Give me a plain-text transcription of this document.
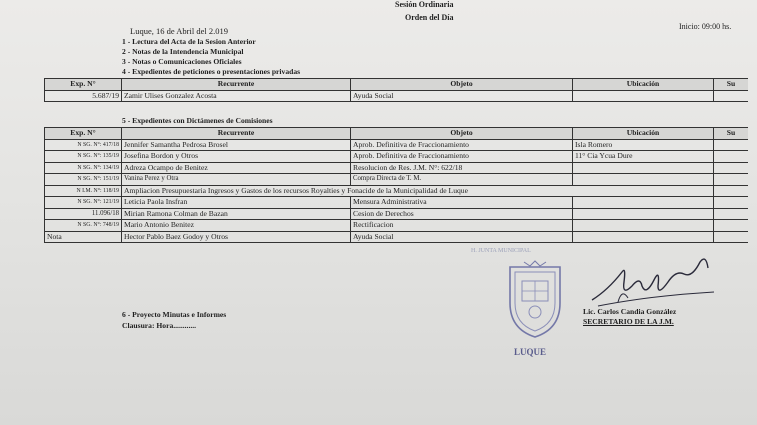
Sesión Ordinaria
Orden del Día
Inicio: 09:00 hs.
Luque, 16 de Abril del 2.019
1 - Lectura del Acta de la Sesion Anterior
2 - Notas de la Intendencia Municipal
3 - Notas o Comunicaciones Oficiales
4 - Expedientes de peticiones o presentaciones privadas
Exp. N°	Recurrente	Objeto	Ubicación	Su
5.687/19	Zamir Ulises Gonzalez Acosta	Ayuda Social		
5 - Expedientes con Dictámenes de Comisiones
Exp. N°	Recurrente	Objeto	Ubicación	Su
N SG. N°: 417/18	Jennifer Samantha Pedrosa Brosel	Aprob. Definitiva de Fraccionamiento	Isla Romero	
N SG. N°: 135/19	Josefina Bordon y Otros	Aprob. Definitiva de Fraccionamiento	11° Cia Ycua Dure	
N SG. N°: 134/19	Adreza Ocampo de Benitez	Resolucion de Res. J.M. N°: 622/18		
N SG. N°: 151/19	Vanina Perez y Otra	Compra Directa de T. M.		
N I.M. N°: 118/19	Ampliacion Presupuestaria Ingresos y Gastos de los recursos Royalties y Fonacide de la Municipalidad de Luque			
N SG. N°: 121/19	Leticia Paola Insfran	Mensura Administrativa		
11.096/18	Mirian Ramona Colman de Bazan	Cesion de Derechos		
N SG. N°: 748/19	Mario Antonio Benitez	Rectificacion		
Nota	Hector Pablo Baez Godoy y Otros	Ayuda Social		
H. JUNTA MUNICIPAL
LUQUE
Lic. Carlos Candia González
SECRETARIO DE LA J.M.
6 - Proyecto Minutas e Informes
Clausura: Hora............
